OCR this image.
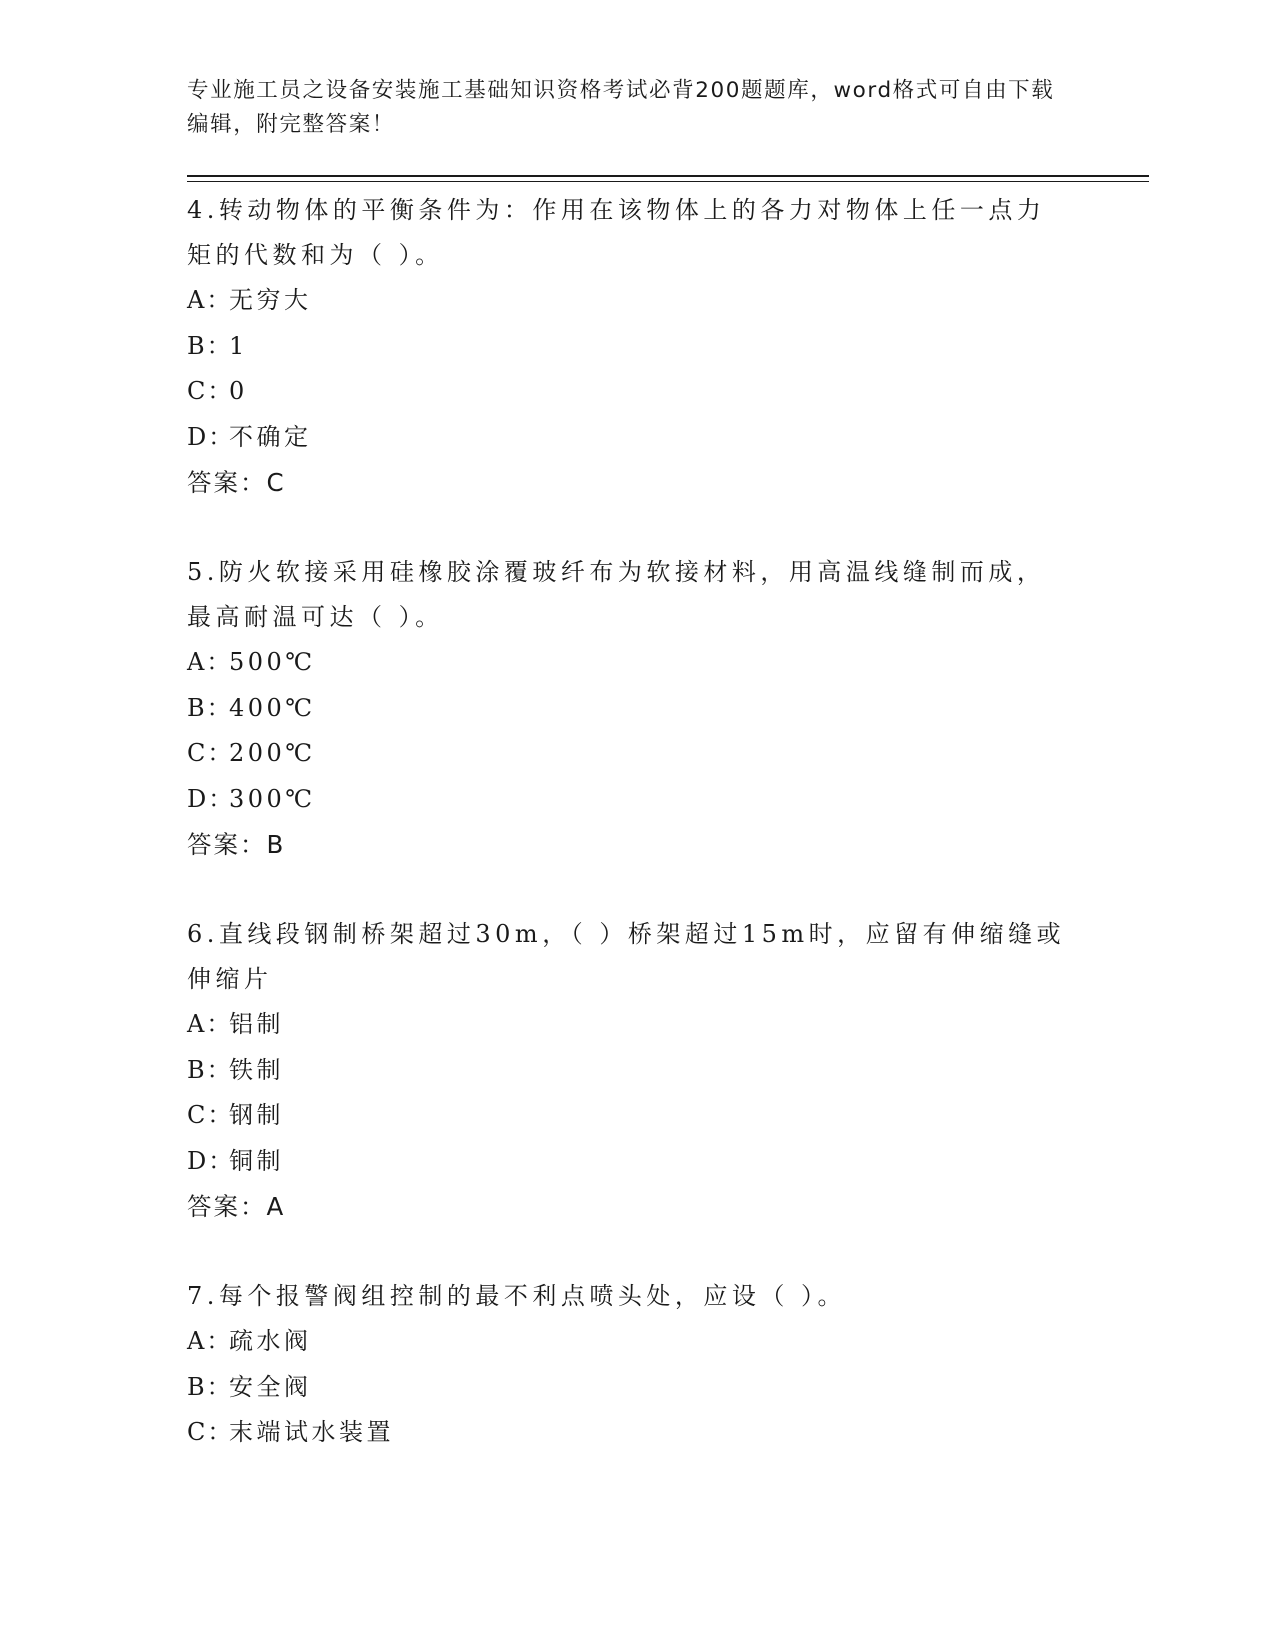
专业施工员之设备安装施工基础知识资格考试必背200题题库，word格式可自由下载编辑，附完整答案！
4.转动物体的平衡条件为：作用在该物体上的各力对物体上任一点力矩的代数和为（ ）。
A：无穷大
B：1
C：0
D：不确定
答案：C
5.防火软接采用硅橡胶涂覆玻纤布为软接材料，用高温线缝制而成，最高耐温可达（ ）。
A：500℃
B：400℃
C：200℃
D：300℃
答案：B
6.直线段钢制桥架超过30m，（ ）桥架超过15m时，应留有伸缩缝或伸缩片
A：铝制
B：铁制
C：钢制
D：铜制
答案：A
7.每个报警阀组控制的最不利点喷头处，应设（ ）。
A：疏水阀
B：安全阀
C：末端试水装置
